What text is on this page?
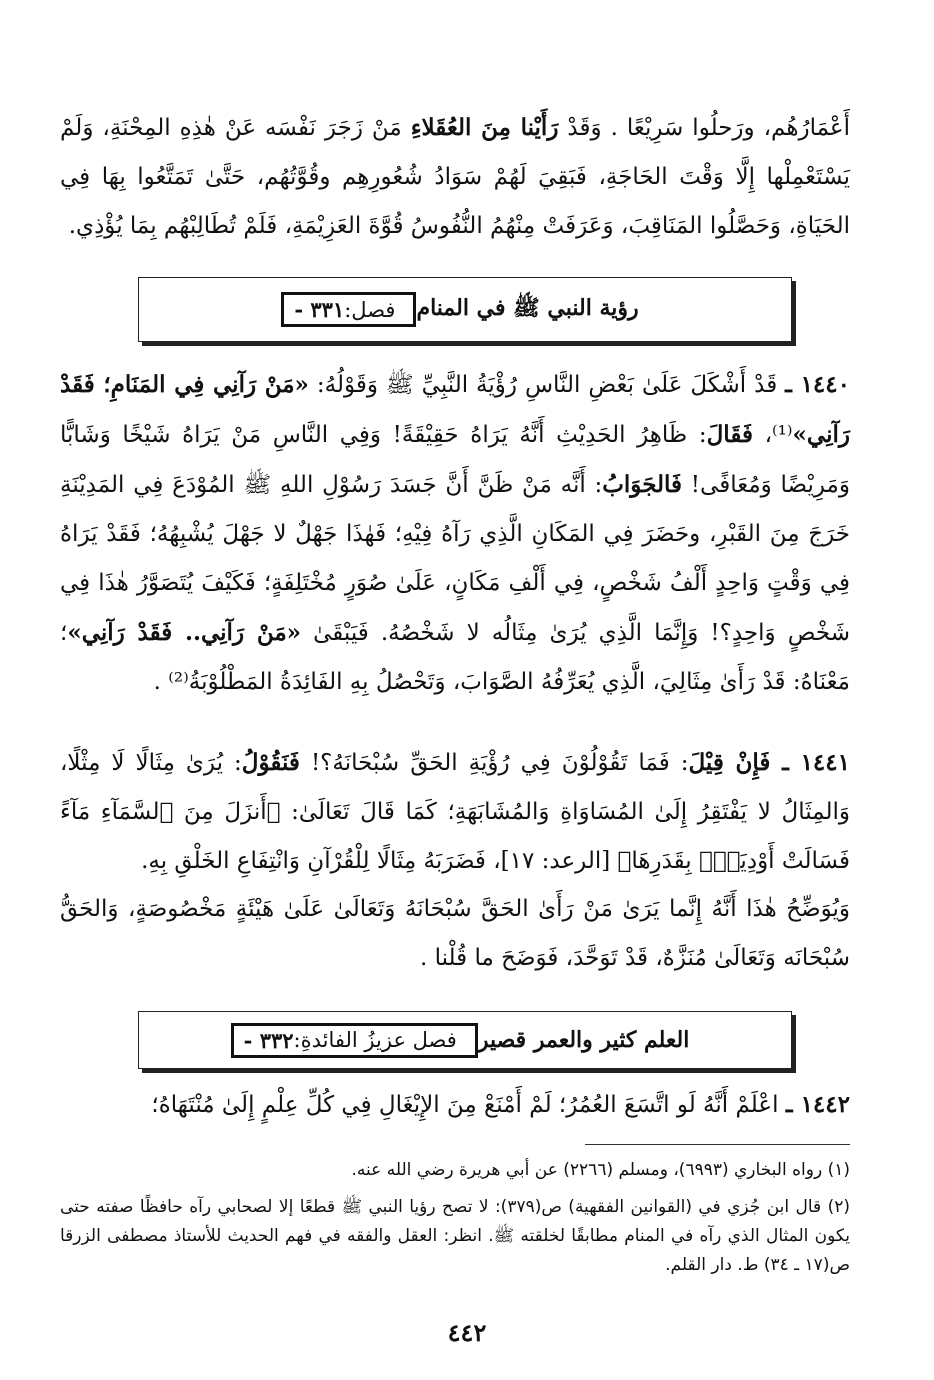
أَعْمَارُهُم، ورَحلُوا سَرِيْعًا . وَقَدْ رَأَيْنا مِنَ العُقَلاءِ مَنْ زَجَرَ نَفْسَه عَنْ هٰذِهِ المِحْنَةِ، وَلَمْ يَسْتَعْمِلْها إِلَّا وَقْتَ الحَاجَةِ، فَبَقِيَ لَهُمْ سَوَادُ شُعُورِهِم وقُوَّتُهُم، حَتَّىٰ تَمَتَّعُوا بِهَا فِي الحَيَاةِ، وَحَصَّلُوا المَنَاقِبَ، وَعَرَفَتْ مِنْهُمُ النُّفُوسُ قُوَّةَ العَزِيْمَةِ، فَلَمْ تُطَالِبْهُم بِمَا يُؤْذِي.

٣٣١ - فصل: رؤية النبي ﷺ في المنام

١٤٤٠ ـ قَدْ أَشْكَلَ عَلَىٰ بَعْضِ النَّاسِ رُؤْيَةُ النَّبِيِّ ﷺ وَقَوْلُهُ: «مَنْ رَآنِي فِي المَنَامِ؛ فَقَدْ رَآنِي»⁽¹⁾، فَقَالَ: ظَاهِرُ الحَدِيْثِ أَنَّهُ يَرَاهُ حَقِيْقَةً! وَفِي النَّاسِ مَنْ يَرَاهُ شَيْخًا وَشَابًّا وَمَرِيْضًا وَمُعَافًى! فَالجَوَابُ: أَنَّه مَنْ ظَنَّ أَنَّ جَسَدَ رَسُوْلِ اللهِ ﷺ المُوْدَعَ فِي المَدِيْنَةِ خَرَجَ مِنَ القَبْرِ، وحَضَرَ فِي المَكَانِ الَّذِي رَآهُ فِيْهِ؛ فَهٰذَا جَهْلٌ لا جَهْلَ يُشْبِهُهُ؛ فَقَدْ يَرَاهُ فِي وَقْتٍ وَاحِدٍ أَلْفُ شَخْصٍ، فِي أَلْفِ مَكَانٍ، عَلَىٰ صُوَرٍ مُخْتَلِفَةٍ؛ فَكَيْفَ يُتَصَوَّرُ هٰذَا فِي شَخْصٍ وَاحِدٍ؟! وَإِنَّمَا الَّذِي يُرَىٰ مِثَالُه لا شَخْصُهُ. فَيَبْقَىٰ «مَنْ رَآنِي.. فَقَدْ رَآنِي»؛ مَعْنَاهُ: قَدْ رَأَىٰ مِثَالِيَ، الَّذِي يُعَرِّفُهُ الصَّوَابَ، وَتَحْصُلُ بِهِ الفَائِدَةُ المَطْلُوْبَةُ⁽²⁾ .

١٤٤١ ـ فَإِنْ قِيْلَ: فَمَا تَقُوْلُوْنَ فِي رُؤْيَةِ الحَقِّ سُبْحَانَهُ؟! فَنَقُوْلُ: يُرَىٰ مِثَالًا لَا مِثْلًا، وَالمِثَالُ لا يَفْتَقِرُ إِلَىٰ المُسَاوَاةِ وَالمُشَابَهَةِ؛ كَمَا قَالَ تَعَالَىٰ: ﴿أَنزَلَ مِنَ ٱلسَّمَآءِ مَآءً فَسَالَتْ أَوْدِيَةُۢ بِقَدَرِهَا﴾ [الرعد: ١٧]، فَضَرَبَهُ مِثَالًا لِلْقُرْآنِ وَانْتِفَاعِ الخَلْقِ بِهِ.

وَيُوَضِّحُ هٰذَا أَنَّهُ إِنَّما يَرَىٰ مَنْ رَأَىٰ الحَقَّ سُبْحَانَهُ وَتَعَالَىٰ عَلَىٰ هَيْئَةٍ مَخْصُوصَةٍ، وَالحَقُّ سُبْحَانَه وَتَعَالَىٰ مُنَزَّهٌ، قَدْ تَوَحَّدَ، فَوَضَحَ ما قُلْنا .

٣٣٢ - فصل عزيزُ الفائدةِ: العلم كثير والعمر قصير

١٤٤٢ ـ اعْلَمْ أَنَّهُ لَو اتَّسَعَ العُمُرُ؛ لَمْ أَمْنَعْ مِنَ الإِيْغَالِ فِي كُلِّ عِلْمٍ إِلَىٰ مُنْتَهَاهُ؛

(١) رواه البخاري (٦٩٩٣)، ومسلم (٢٢٦٦) عن أبي هريرة رضي الله عنه.

(٢) قال ابن جُزي في (القوانين الفقهية) ص(٣٧٩): لا تصح رؤيا النبي ﷺ قطعًا إلا لصحابي رآه حافظًا صفته حتى يكون المثال الذي رآه في المنام مطابقًا لخلقته ﷺ. انظر: العقل والفقه في فهم الحديث للأستاذ مصطفى الزرقا ص(١٧ ـ ٣٤) ط. دار القلم.

٤٤٢
